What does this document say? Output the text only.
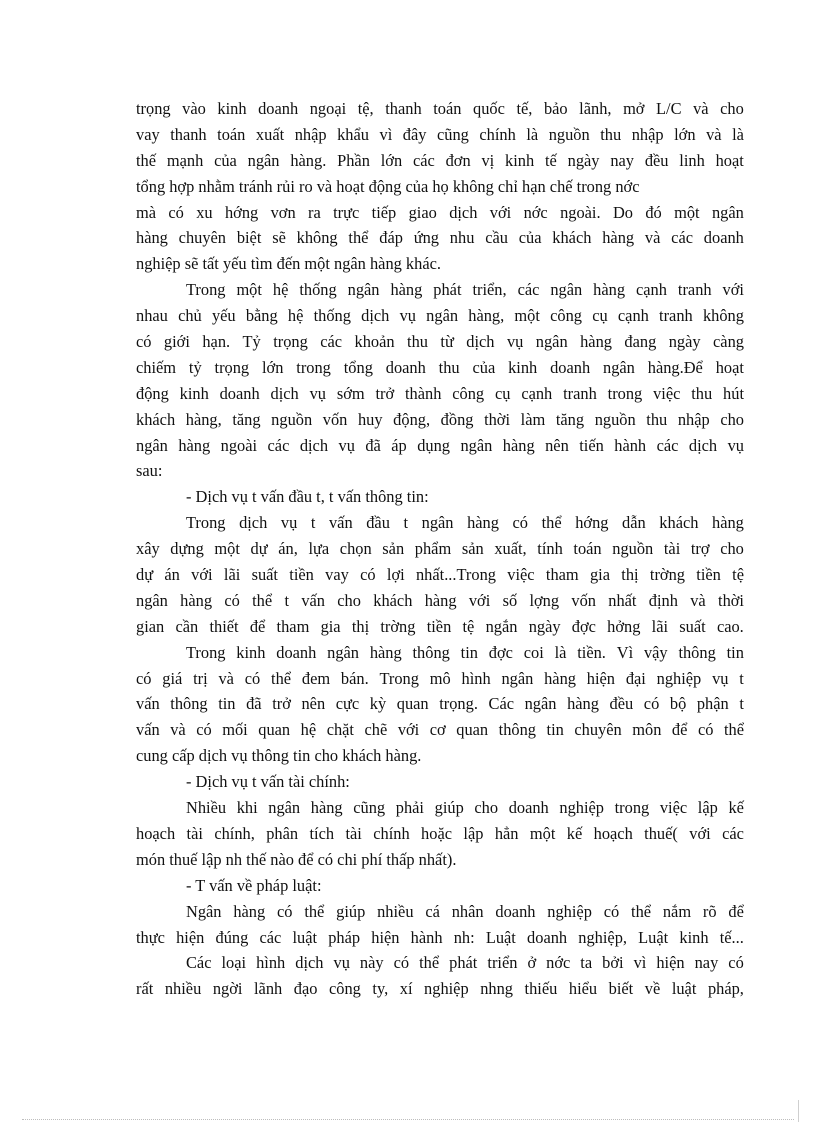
trọng vào kinh doanh ngoại tệ, thanh toán quốc tế, bảo lãnh, mở L/C và cho
vay thanh toán xuất nhập khẩu vì đây cũng chính là nguồn thu nhập lớn và là
thế mạnh của ngân hàng. Phần lớn các đơn vị kinh tế ngày nay đều linh hoạt
tổng hợp nhằm tránh rủi ro và hoạt động của họ không chỉ hạn chế trong nớc
mà có xu hớng vơn ra trực tiếp giao dịch với nớc ngoài. Do đó một ngân
hàng chuyên biệt sẽ không thể đáp ứng nhu cầu của khách hàng và các doanh
nghiệp sẽ tất yếu tìm đến một ngân hàng khác.
Trong một hệ thống ngân hàng phát triển, các ngân hàng cạnh tranh với
nhau chủ yếu bằng hệ thống dịch vụ ngân hàng, một công cụ cạnh tranh không
có giới hạn. Tỷ trọng các khoản thu từ dịch vụ ngân hàng đang ngày càng
chiếm tỷ trọng lớn trong tổng doanh thu của kinh doanh ngân hàng.Để hoạt
động kinh doanh dịch vụ sớm trở thành công cụ cạnh tranh trong việc thu hút
khách hàng, tăng nguồn vốn huy động, đồng thời làm tăng nguồn thu nhập cho
ngân hàng ngoài các dịch vụ đã áp dụng ngân hàng nên tiến hành các dịch vụ
sau:
- Dịch vụ t vấn đầu t, t vấn thông tin:
Trong dịch vụ t vấn đầu t ngân hàng có thể hớng dẫn khách hàng
xây dựng một dự án, lựa chọn sản phẩm sản xuất, tính toán nguồn tài trợ cho
dự án với lãi suất tiền vay có lợi nhất...Trong việc tham gia thị trờng tiền tệ
ngân hàng có thể t vấn cho khách hàng với số lợng vốn nhất định và thời
gian cần thiết để tham gia thị trờng tiền tệ ngắn ngày đợc hởng lãi suất cao.
Trong kinh doanh ngân hàng thông tin đợc coi là tiền. Vì vậy thông tin
có giá trị và có thể đem bán. Trong mô hình ngân hàng hiện đại nghiệp vụ t
vấn thông tin đã trở nên cực kỳ quan trọng. Các ngân hàng đều có bộ phận t
vấn và có mối quan hệ chặt chẽ với cơ quan thông tin chuyên môn để có thể
cung cấp dịch vụ thông tin cho khách hàng.
- Dịch vụ t vấn tài chính:
Nhiều khi ngân hàng cũng phải giúp cho doanh nghiệp trong việc lập kế
hoạch tài chính, phân tích tài chính hoặc lập hẳn một kế hoạch thuế( với các
món thuế lập nh thế nào để có chi phí thấp nhất).
- T vấn về pháp luật:
Ngân hàng có thể giúp nhiều cá nhân doanh nghiệp có thể nắm rõ để
thực hiện đúng các luật pháp hiện hành nh: Luật doanh nghiệp, Luật kinh tế...
Các loại hình dịch vụ này có thể phát triển ở nớc ta bởi vì hiện nay có
rất nhiều ngời lãnh đạo công ty, xí nghiệp nhng thiếu hiểu biết về luật pháp,
